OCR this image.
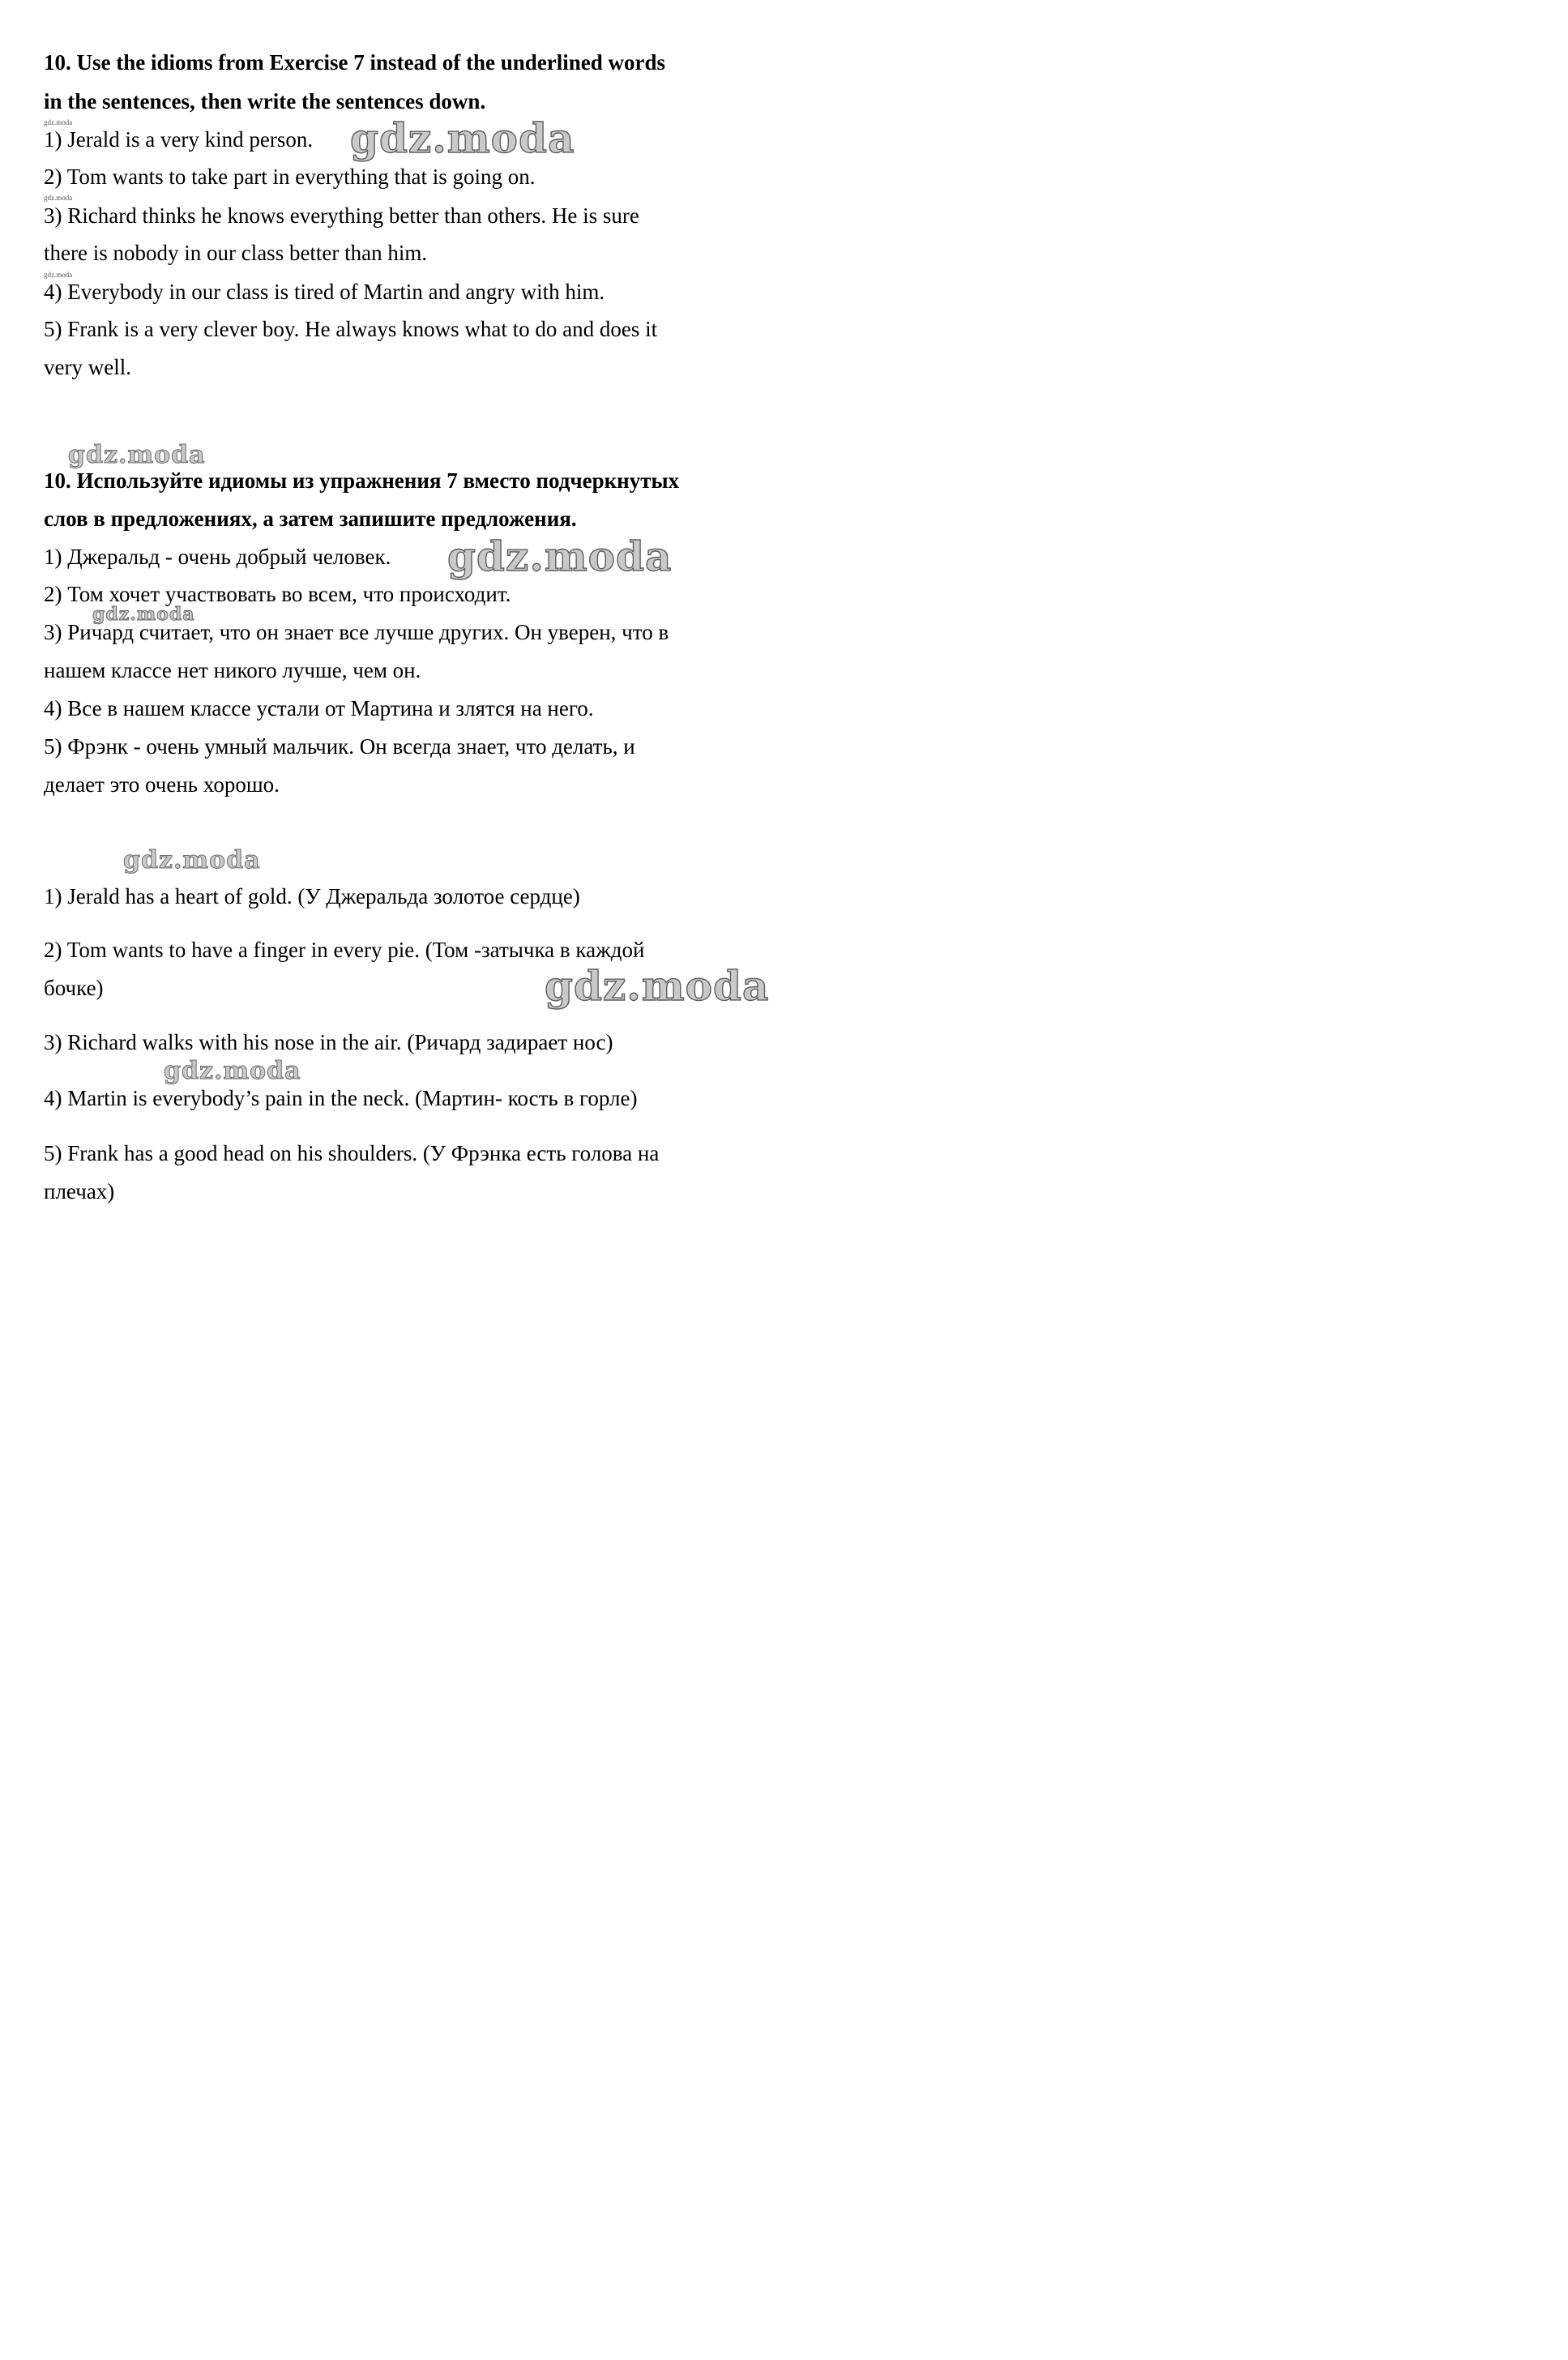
10. Use the idioms from Exercise 7 instead of the underlined words

in the sentences, then write the sentences down.

1) Jerald is a very kind person.

2) Tom wants to take part in everything that is going on.

3) Richard thinks he knows everything better than others. He is sure

there is nobody in our class better than him.

4) Everybody in our class is tired of Martin and angry with him.

5) Frank is a very clever boy. He always knows what to do and does it

very well.

10. Используйте идиомы из упражнения 7 вместо подчеркнутых

слов в предложениях, а затем запишите предложения.

1) Джеральд - очень добрый человек.

2) Том хочет участвовать во всем, что происходит.

3) Ричард считает, что он знает все лучше других. Он уверен, что в

нашем классе нет никого лучше, чем он.

4) Все в нашем классе устали от Мартина и злятся на него.

5) Фрэнк - очень умный мальчик. Он всегда знает, что делать, и

делает это очень хорошо.

1) Jerald has a heart of gold. (У Джеральда золотое сердце)

2) Tom wants to have a finger in every pie. (Том -затычка в каждой

бочке)

3) Richard walks with his nose in the air. (Ричард задирает нос)

4) Martin is everybody’s pain in the neck. (Мартин- кость в горле)

5) Frank has a good head on his shoulders. (У Фрэнка есть голова на

плечах)

gdz.moda
gdz.moda
gdz.moda
gdz.moda
gdz.moda
gdz.moda
gdz.moda
gdz.moda
gdz.moda
gdz.moda
